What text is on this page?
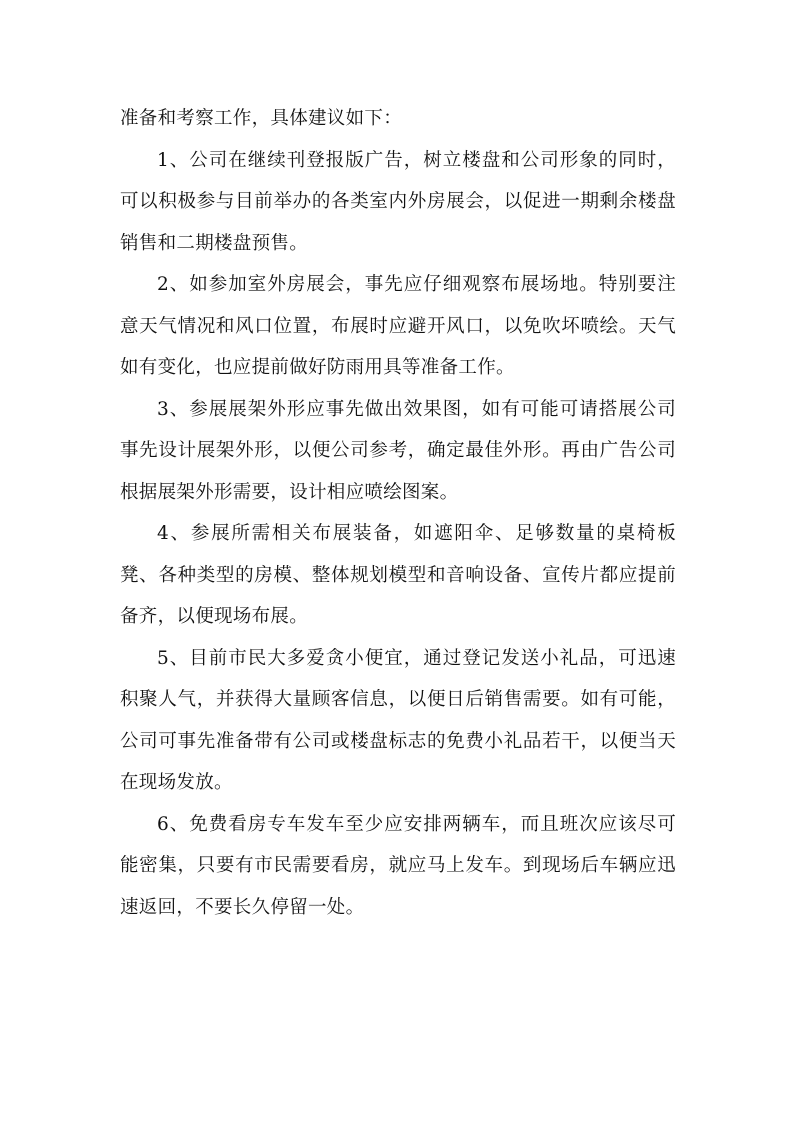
准备和考察工作，具体建议如下：

1、公司在继续刊登报版广告，树立楼盘和公司形象的同时，可以积极参与目前举办的各类室内外房展会，以促进一期剩余楼盘销售和二期楼盘预售。

2、如参加室外房展会，事先应仔细观察布展场地。特别要注意天气情况和风口位置，布展时应避开风口，以免吹坏喷绘。天气如有变化，也应提前做好防雨用具等准备工作。

3、参展展架外形应事先做出效果图，如有可能可请搭展公司事先设计展架外形，以便公司参考，确定最佳外形。再由广告公司根据展架外形需要，设计相应喷绘图案。

4、参展所需相关布展装备，如遮阳伞、足够数量的桌椅板凳、各种类型的房模、整体规划模型和音响设备、宣传片都应提前备齐，以便现场布展。

5、目前市民大多爱贪小便宜，通过登记发送小礼品，可迅速积聚人气，并获得大量顾客信息，以便日后销售需要。如有可能，公司可事先准备带有公司或楼盘标志的免费小礼品若干，以便当天在现场发放。

6、免费看房专车发车至少应安排两辆车，而且班次应该尽可能密集，只要有市民需要看房，就应马上发车。到现场后车辆应迅速返回，不要长久停留一处。
